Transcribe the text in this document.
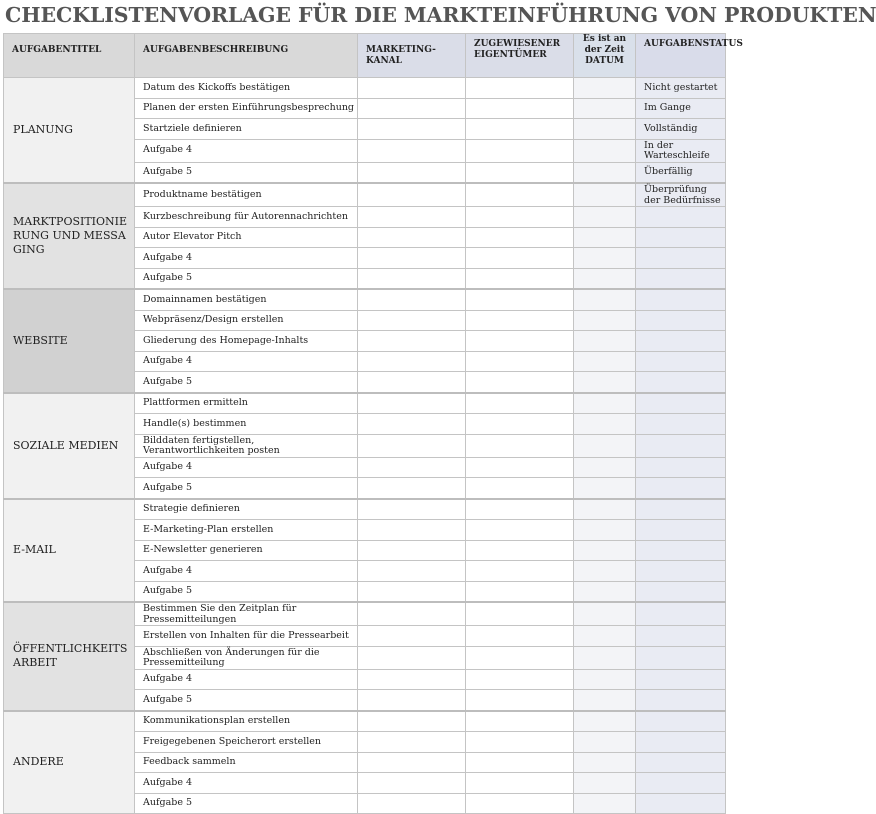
CHECKLISTENVORLAGE FÜR DIE MARKTEINFÜHRUNG VON PRODUKTEN
AUFGABENTITEL	AUFGABENBESCHREIBUNG	MARKETING-KANAL	ZUGEWIESENER EIGENTÜMER	Es ist an der Zeit DATUM	AUFGABENSTATUS
PLANUNG	Datum des Kickoffs bestätigen				Nicht gestartet
	Planen der ersten Einführungsbesprechung				Im Gange
	Startziele definieren				Vollständig
	Aufgabe 4				In der Warteschleife
	Aufgabe 5				Überfällig
MARKTPOSITIONIERUNG UND MESSAGING	Produktname bestätigen				Überprüfung der Bedürfnisse
	Kurzbeschreibung für Autorennachrichten				
	Autor Elevator Pitch				
	Aufgabe 4				
	Aufgabe 5				
WEBSITE	Domainnamen bestätigen				
	Webpräsenz/Design erstellen				
	Gliederung des Homepage-Inhalts				
	Aufgabe 4				
	Aufgabe 5				
SOZIALE MEDIEN	Plattformen ermitteln				
	Handle(s) bestimmen				
	Bilddaten fertigstellen, Verantwortlichkeiten posten				
	Aufgabe 4				
	Aufgabe 5				
E-MAIL	Strategie definieren				
	E-Marketing-Plan erstellen				
	E-Newsletter generieren				
	Aufgabe 4				
	Aufgabe 5				
ÖFFENTLICHKEITSARBEIT	Bestimmen Sie den Zeitplan für Pressemitteilungen				
	Erstellen von Inhalten für die Pressearbeit				
	Abschließen von Änderungen für die Pressemitteilung				
	Aufgabe 4				
	Aufgabe 5				
ANDERE	Kommunikationsplan erstellen				
	Freigegebenen Speicherort erstellen				
	Feedback sammeln				
	Aufgabe 4				
	Aufgabe 5				
